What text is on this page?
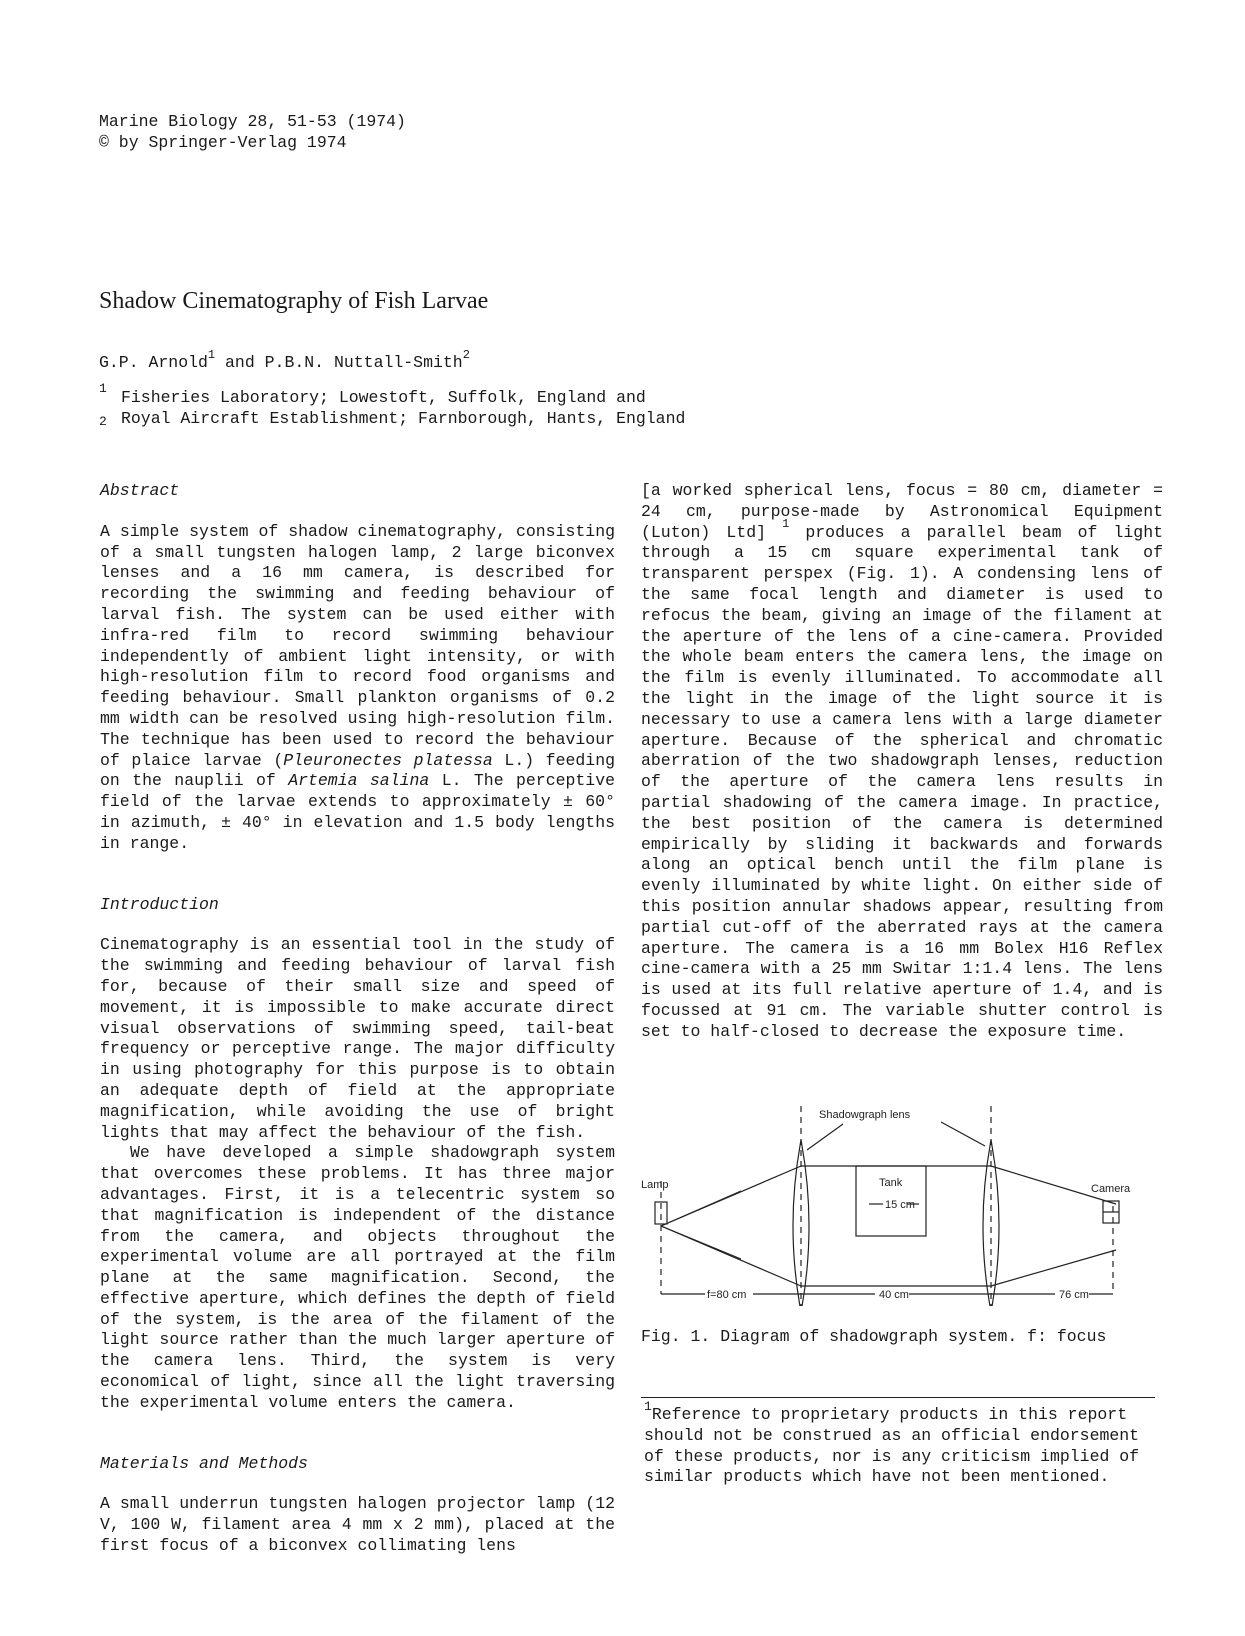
Marine Biology 28, 51-53 (1974)
© by Springer-Verlag 1974
Shadow Cinematography of Fish Larvae
G.P. Arnold$^1$ and P.B.N. Nuttall-Smith$^2$
1 Fisheries Laboratory; Lowestoft, Suffolk, England and
2 Royal Aircraft Establishment; Farnborough, Hants, England
Abstract
A simple system of shadow cinematography, consisting of a small tungsten halogen lamp, 2 large biconvex lenses and a 16 mm camera, is described for recording the swimming and feeding behaviour of larval fish. The system can be used either with infra-red film to record swimming behaviour independently of ambient light intensity, or with high-resolution film to record food organisms and feeding behaviour. Small plankton organisms of 0.2 mm width can be resolved using high-resolution film. The technique has been used to record the behaviour of plaice larvae (Pleuronectes platessa L.) feeding on the nauplii of Artemia salina L. The perceptive field of the larvae extends to approximately ± 60° in azimuth, ± 40° in elevation and 1.5 body lengths in range.
Introduction
Cinematography is an essential tool in the study of the swimming and feeding behaviour of larval fish for, because of their small size and speed of movement, it is impossible to make accurate direct visual observations of swimming speed, tail-beat frequency or perceptive range. The major difficulty in using photography for this purpose is to obtain an adequate depth of field at the appropriate magnification, while avoiding the use of bright lights that may affect the behaviour of the fish.
We have developed a simple shadowgraph system that overcomes these problems. It has three major advantages. First, it is a telecentric system so that magnification is independent of the distance from the camera, and objects throughout the experimental volume are all portrayed at the film plane at the same magnification. Second, the effective aperture, which defines the depth of field of the system, is the area of the filament of the light source rather than the much larger aperture of the camera lens. Third, the system is very economical of light, since all the light traversing the experimental volume enters the camera.
Materials and Methods
A small underrun tungsten halogen projector lamp (12 V, 100 W, filament area 4 mm x 2 mm), placed at the first focus of a biconvex collimating lens
[a worked spherical lens, focus = 80 cm, diameter = 24 cm, purpose-made by Astronomical Equipment (Luton) Ltd] $^1$ produces a parallel beam of light through a 15 cm square experimental tank of transparent perspex (Fig. 1). A condensing lens of the same focal length and diameter is used to refocus the beam, giving an image of the filament at the aperture of the lens of a cine-camera. Provided the whole beam enters the camera lens, the image on the film is evenly illuminated. To accommodate all the light in the image of the light source it is necessary to use a camera lens with a large diameter aperture. Because of the spherical and chromatic aberration of the two shadowgraph lenses, reduction of the aperture of the camera lens results in partial shadowing of the camera image. In practice, the best position of the camera is determined empirically by sliding it backwards and forwards along an optical bench until the film plane is evenly illuminated by white light. On either side of this position annular shadows appear, resulting from partial cut-off of the aberrated rays at the camera aperture. The camera is a 16 mm Bolex H16 Reflex cine-camera with a 25 mm Switar 1:1.4 lens. The lens is used at its full relative aperture of 1.4, and is focussed at 91 cm. The variable shutter control is set to half-closed to decrease the exposure time.
Shadowgraph lens
Lamp	Camera
Tank
15 cm
f=80 cm	40 cm	76 cm
Fig. 1. Diagram of shadowgraph system. f: focus
$^1$Reference to proprietary products in this report should not be construed as an official endorsement of these products, nor is any criticism implied of similar products which have not been mentioned.
